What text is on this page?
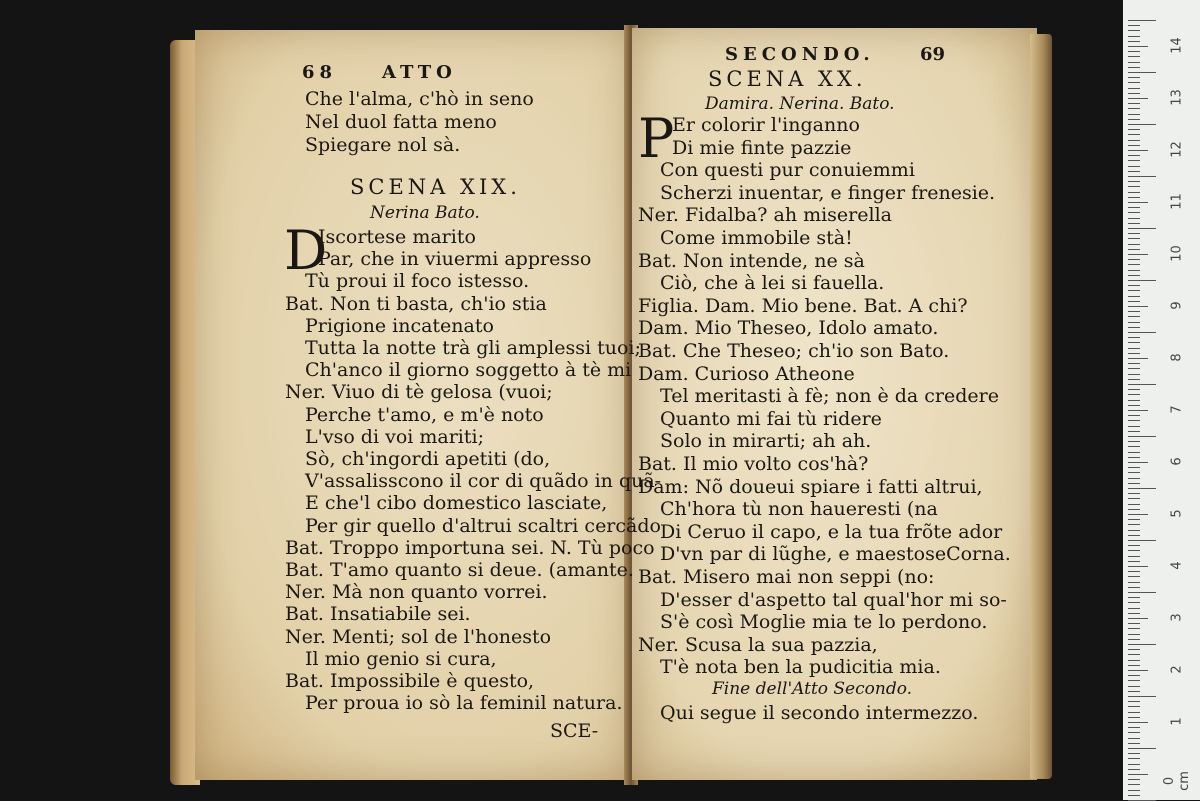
68 ATTO
Che l'alma, c'hò in seno
Nel duol fatta meno
Spiegare nol sà.
SCENA XIX.
Nerina Bato.
D
Iscortese marito
Par, che in viuermi appresso
Tù proui il foco istesso.
Bat. Non ti basta, ch'io stia
Prigione incatenato
Tutta la notte trà gli amplessi tuoi;
Ch'anco il giorno soggetto à tè mi
Ner. Viuo di tè gelosa (vuoi;
Perche t'amo, e m'è noto
L'vso di voi mariti;
Sò, ch'ingordi apetiti (do,
V'assalisscono il cor di quãdo in quã-
E che'l cibo domestico lasciate,
Per gir quello d'altrui scaltri cercãdo
Bat. Troppo importuna sei. N. Tù poco
Bat. T'amo quanto si deue. (amante.
Ner. Mà non quanto vorrei.
Bat. Insatiabile sei.
Ner. Menti; sol de l'honesto
Il mio genio si cura,
Bat. Impossibile è questo,
Per proua io sò la feminil natura.
SCE-
SECONDO.	69
SCENA XX.
Damira. Nerina. Bato.
P
Er colorir l'inganno
Di mie finte pazzie
Con questi pur conuiemmi
Scherzi inuentar, e finger frenesie.
Ner. Fidalba? ah miserella
Come immobile stà!
Bat. Non intende, ne sà
Ciò, che à lei si fauella.
Figlia. Dam. Mio bene. Bat. A chi?
Dam. Mio Theseo, Idolo amato.
Bat. Che Theseo; ch'io son Bato.
Dam. Curioso Atheone
Tel meritasti à fè; non è da credere
Quanto mi fai tù ridere
Solo in mirarti; ah ah.
Bat. Il mio volto cos'hà?
Dam: Nõ doueui spiare i fatti altrui,
Ch'hora tù non haueresti (na
Di Ceruo il capo, e la tua frõte ador
D'vn par di lũghe, e maestoseCorna.
Bat. Misero mai non seppi (no:
D'esser d'aspetto tal qual'hor mi so-
S'è così Moglie mia te lo perdono.
Ner. Scusa la sua pazzia,
T'è nota ben la pudicitia mia.
Fine dell'Atto Secondo.
Qui segue il secondo intermezzo.
14
13
12
11
10
9
8
7
6
5
4
3
2
1
0 cm
